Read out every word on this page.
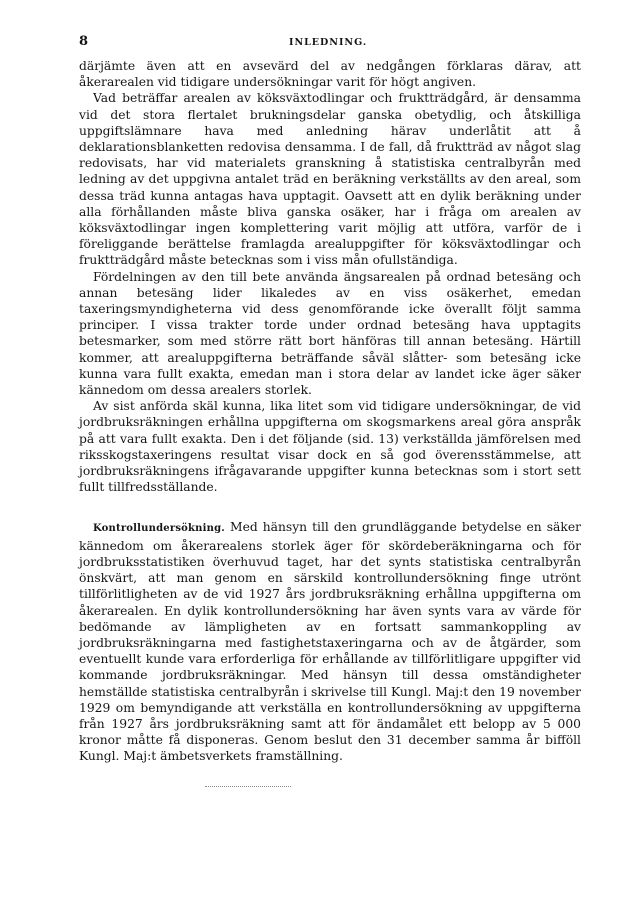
8	INLEDNING.

därjämte även att en avsevärd del av nedgången förklaras därav, att åkerarealen vid tidigare undersökningar varit för högt angiven.

Vad beträffar arealen av köksväxtodlingar och fruktträdgård, är densamma vid det stora flertalet brukningsdelar ganska obetydlig, och åtskilliga uppgiftslämnare hava med anledning härav underlåtit att å deklarationsblanketten redovisa densamma. I de fall, då fruktträd av något slag redovisats, har vid materialets granskning å statistiska centralbyrån med ledning av det uppgivna antalet träd en beräkning verkställts av den areal, som dessa träd kunna antagas hava upptagit. Oavsett att en dylik beräkning under alla förhållanden måste bliva ganska osäker, har i fråga om arealen av köksväxtodlingar ingen komplettering varit möjlig att utföra, varför de i föreliggande berättelse framlagda arealuppgifter för köksväxtodlingar och fruktträdgård måste betecknas som i viss mån ofullständiga.

Fördelningen av den till bete använda ängsarealen på ordnad betesäng och annan betesäng lider likaledes av en viss osäkerhet, emedan taxeringsmyndigheterna vid dess genomförande icke överallt följt samma principer. I vissa trakter torde under ordnad betesäng hava upptagits betesmarker, som med större rätt bort hänföras till annan betesäng. Härtill kommer, att arealuppgifterna beträffande såväl slåtter- som betesäng icke kunna vara fullt exakta, emedan man i stora delar av landet icke äger säker kännedom om dessa arealers storlek.

Av sist anförda skäl kunna, lika litet som vid tidigare undersökningar, de vid jordbruksräkningen erhållna uppgifterna om skogsmarkens areal göra anspråk på att vara fullt exakta. Den i det följande (sid. 13) verkställda jämförelsen med riksskogstaxeringens resultat visar dock en så god överensstämmelse, att jordbruksräkningens ifrågavarande uppgifter kunna betecknas som i stort sett fullt tillfredsställande.

Kontrollundersökning. Med hänsyn till den grundläggande betydelse en säker kännedom om åkerarealens storlek äger för skördeberäkningarna och för jordbruksstatistiken överhuvud taget, har det synts statistiska centralbyrån önskvärt, att man genom en särskild kontrollundersökning finge utrönt tillförlitligheten av de vid 1927 års jordbruksräkning erhållna uppgifterna om åkerarealen. En dylik kontrollundersökning har även synts vara av värde för bedömande av lämpligheten av en fortsatt sammankoppling av jordbruksräkningarna med fastighetstaxeringarna och av de åtgärder, som eventuellt kunde vara erforderliga för erhållande av tillförlitligare uppgifter vid kommande jordbruksräkningar. Med hänsyn till dessa omständigheter hemställde statistiska centralbyrån i skrivelse till Kungl. Maj:t den 19 november 1929 om bemyndigande att verkställa en kontrollundersökning av uppgifterna från 1927 års jordbruksräkning samt att för ändamålet ett belopp av 5 000 kronor måtte få disponeras. Genom beslut den 31 december samma år bifföll Kungl. Maj:t ämbetsverkets framställning.
